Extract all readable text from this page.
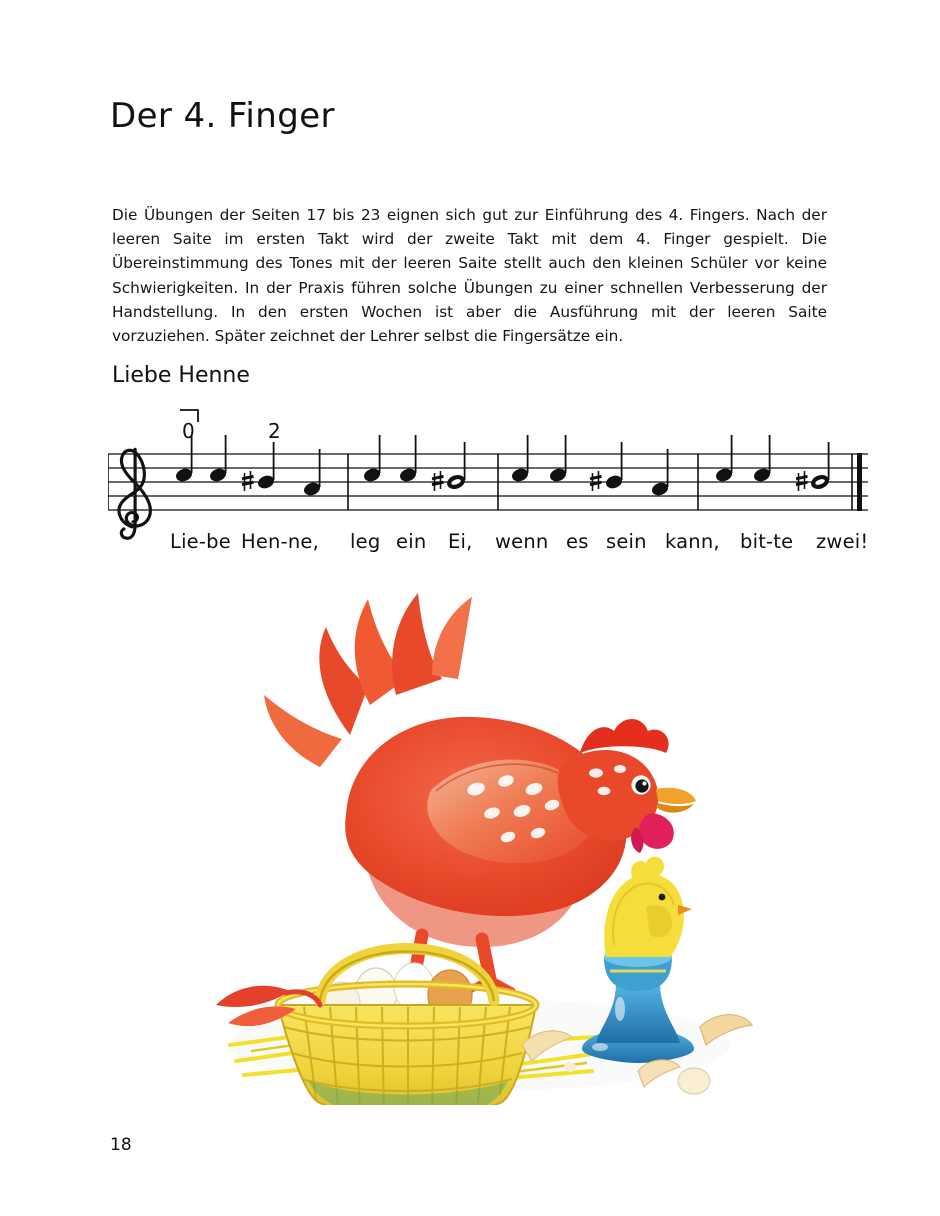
Der 4. Finger

Die Übungen der Seiten 17 bis 23 eignen sich gut zur Einführung des 4. Fingers. Nach der leeren Saite im ersten Takt wird der zweite Takt mit dem 4. Finger gespielt. Die Übereinstimmung des Tones mit der leeren Saite stellt auch den kleinen Schüler vor keine Schwierigkeiten. In der Praxis führen solche Übungen zu einer schnellen Verbesserung der Handstellung. In den ersten Wochen ist aber die Ausführung mit der leeren Saite vorzuziehen. Später zeichnet der Lehrer selbst die Fingersätze ein.

Liebe Henne
0	2
Lie-be Hen-ne, leg ein Ei, wenn es sein kann, bit-te zwei!
18
